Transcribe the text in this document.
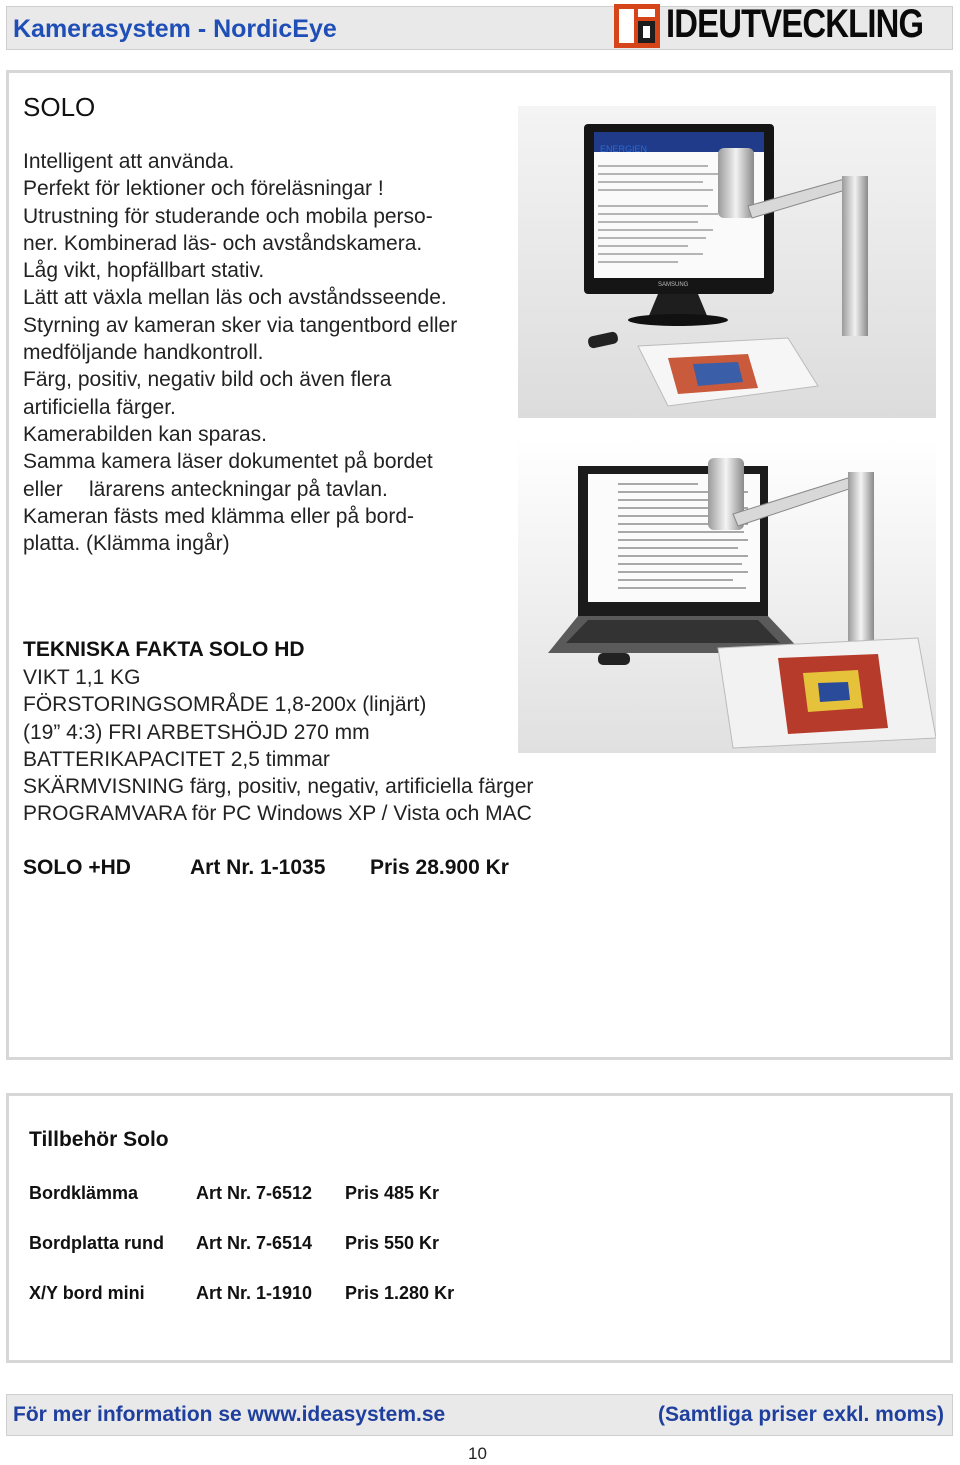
Kamerasystem - NordicEye	IDEUTVECKLING
SOLO
Intelligent att använda.
Perfekt för lektioner och föreläsningar !
Utrustning för studerande och mobila perso-
ner. Kombinerad läs- och avståndskamera.
Låg vikt, hopfällbart stativ.
Lätt att växla mellan läs och avståndsseende.
Styrning av kameran sker via tangentbord eller
medföljande handkontroll.
Färg, positiv, negativ bild och även flera
artificiella färger.
Kamerabilden kan sparas.
Samma kamera läser dokumentet på bordet
eller lärarens anteckningar på tavlan.
Kameran fästs med klämma eller på bord-
platta. (Klämma ingår)
ENERGIEN
SAMSUNG
TEKNISKA FAKTA SOLO HD
VIKT 1,1 KG
FÖRSTORINGSOMRÅDE 1,8-200x (linjärt)
(19” 4:3) FRI ARBETSHÖJD 270 mm
BATTERIKAPACITET 2,5 timmar
SKÄRMVISNING färg, positiv, negativ, artificiella färger
PROGRAMVARA för PC Windows XP / Vista och MAC
SOLO +HD	Art Nr. 1-1035 Pris 28.900 Kr
Tillbehör Solo
Bordklämma	Art Nr. 7-6512 Pris 485 Kr
Bordplatta rund Art Nr. 7-6514 Pris 550 Kr
X/Y bord mini	Art Nr. 1-1910 Pris 1.280 Kr
För mer information se www.ideasystem.se	(Samtliga priser exkl. moms)
10
